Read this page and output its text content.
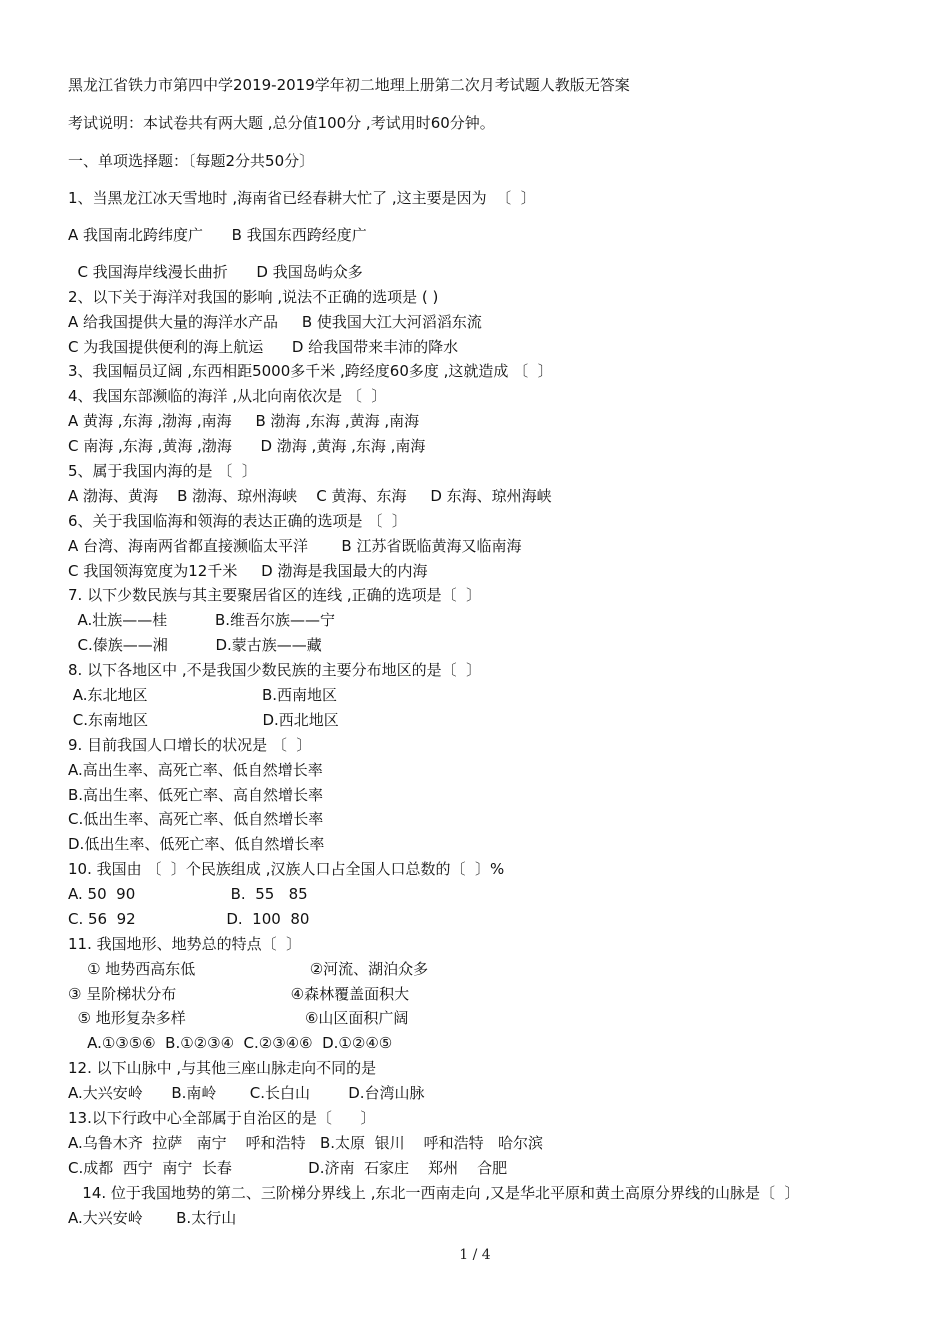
黑龙江省铁力市第四中学2019-2019学年初二地理上册第二次月考试题人教版无答案
考试说明：本试卷共有两大题 ,总分值100分 ,考试用时60分钟。
一、单项选择题：〔每题2分共50分〕
1、当黑龙江冰天雪地时 ,海南省已经春耕大忙了 ,这主要是因为  〔  〕
A 我国南北跨纬度广      B 我国东西跨经度广
C 我国海岸线漫长曲折      D 我国岛屿众多
2、以下关于海洋对我国的影响 ,说法不正确的选项是 ( )
A 给我国提供大量的海洋水产品     B 使我国大江大河滔滔东流
C 为我国提供便利的海上航运      D 给我国带来丰沛的降水
3、我国幅员辽阔 ,东西相距5000多千米 ,跨经度60多度 ,这就造成 〔  〕
4、我国东部濒临的海洋 ,从北向南依次是 〔  〕
A 黄海 ,东海 ,渤海 ,南海     B 渤海 ,东海 ,黄海 ,南海
C 南海 ,东海 ,黄海 ,渤海      D 渤海 ,黄海 ,东海 ,南海
5、属于我国内海的是 〔  〕
A 渤海、黄海    B 渤海、琼州海峡    C 黄海、东海     D 东海、琼州海峡
6、关于我国临海和领海的表达正确的选项是 〔  〕
A 台湾、海南两省都直接濒临太平洋       B 江苏省既临黄海又临南海
C 我国领海宽度为12千米     D 渤海是我国最大的内海
7. 以下少数民族与其主要聚居省区的连线 ,正确的选项是〔  〕
A.壮族——桂          B.维吾尔族——宁
C.傣族——湘          D.蒙古族——藏
8. 以下各地区中 ,不是我国少数民族的主要分布地区的是〔  〕
A.东北地区                        B.西南地区
C.东南地区                        D.西北地区
9. 目前我国人口增长的状况是 〔  〕
A.高出生率、高死亡率、低自然增长率
B.高出生率、低死亡率、高自然增长率
C.低出生率、高死亡率、低自然增长率
D.低出生率、低死亡率、低自然增长率
10. 我国由 〔  〕个民族组成 ,汉族人口占全国人口总数的〔  〕%
A. 50  90                    B.  55   85
C. 56  92                   D.  100  80
11. 我国地形、地势总的特点〔  〕
① 地势西高东低                        ②河流、湖泊众多
③ 呈阶梯状分布                        ④森林覆盖面积大
⑤ 地形复杂多样                         ⑥山区面积广阔
A.①③⑤⑥  B.①②③④  C.②③④⑥  D.①②④⑤
12. 以下山脉中 ,与其他三座山脉走向不同的是
A.大兴安岭      B.南岭       C.长白山        D.台湾山脉
13.以下行政中心全部属于自治区的是〔      〕
A.乌鲁木齐  拉萨   南宁    呼和浩特   B.太原  银川    呼和浩特   哈尔滨
C.成都  西宁  南宁  长春                D.济南  石家庄    郑州    合肥
14. 位于我国地势的第二、三阶梯分界线上 ,东北一西南走向 ,又是华北平原和黄土高原分界线的山脉是〔  〕
A.大兴安岭       B.太行山
1 / 4
